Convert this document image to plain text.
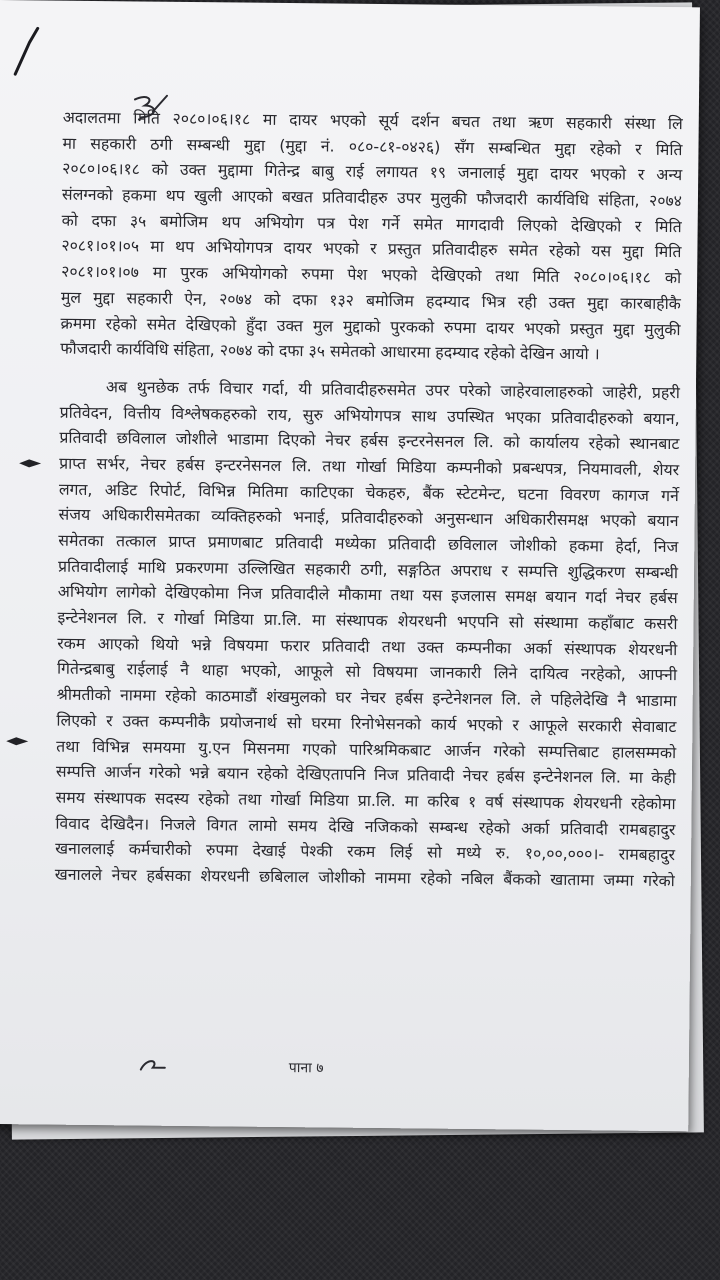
अदालतमा मिति २०८०।०६।१८ मा दायर भएको सूर्य दर्शन बचत तथा ऋण सहकारी संस्था लि
मा सहकारी ठगी सम्बन्धी मुद्दा (मुद्दा नं. ०८०-८१-०४२६) सँग सम्बन्धित मुद्दा रहेको र मिति
२०८०।०६।१८ को उक्त मुद्दामा गितेन्द्र बाबु राई लगायत १९ जनालाई मुद्दा दायर भएको र अन्य
संलग्नको हकमा थप खुली आएको बखत प्रतिवादीहरु उपर मुलुकी फौजदारी कार्यविधि संहिता, २०७४
को दफा ३५ बमोजिम थप अभियोग पत्र पेश गर्ने समेत मागदावी लिएको देखिएको र मिति
२०८१।०१।०५ मा थप अभियोगपत्र दायर भएको र प्रस्तुत प्रतिवादीहरु समेत रहेको यस मुद्दा मिति
२०८१।०१।०७ मा पुरक अभियोगको रुपमा पेश भएको देखिएको तथा मिति २०८०।०६।१८ को
मुल मुद्दा सहकारी ऐन, २०७४ को दफा १३२ बमोजिम हदम्याद भित्र रही उक्त मुद्दा कारबाहीकै
क्रममा रहेको समेत देखिएको हुँदा उक्त मुल मुद्दाको पुरकको रुपमा दायर भएको प्रस्तुत मुद्दा मुलुकी
फौजदारी कार्यविधि संहिता, २०७४ को दफा ३५ समेतको आधारमा हदम्याद रहेको देखिन आयो ।
अब थुनछेक तर्फ विचार गर्दा, यी प्रतिवादीहरुसमेत उपर परेको जाहेरवालाहरुको जाहेरी, प्रहरी
प्रतिवेदन, वित्तीय विश्लेषकहरुको राय, सुरु अभियोगपत्र साथ उपस्थित भएका प्रतिवादीहरुको बयान,
प्रतिवादी छविलाल जोशीले भाडामा दिएको नेचर हर्बस इन्टरनेसनल लि. को कार्यालय रहेको स्थानबाट
प्राप्त सर्भर, नेचर हर्बस इन्टरनेसनल लि. तथा गोर्खा मिडिया कम्पनीको प्रबन्धपत्र, नियमावली, शेयर
लगत, अडिट रिपोर्ट, विभिन्न मितिमा काटिएका चेकहरु, बैंक स्टेटमेन्ट, घटना विवरण कागज गर्ने
संजय अधिकारीसमेतका व्यक्तिहरुको भनाई, प्रतिवादीहरुको अनुसन्धान अधिकारीसमक्ष भएको बयान
समेतका तत्काल प्राप्त प्रमाणबाट प्रतिवादी मध्येका प्रतिवादी छविलाल जोशीको हकमा हेर्दा, निज
प्रतिवादीलाई माथि प्रकरणमा उल्लिखित सहकारी ठगी, सङ्गठित अपराध र सम्पत्ति शुद्धिकरण सम्बन्धी
अभियोग लागेको देखिएकोमा निज प्रतिवादीले मौकामा तथा यस इजलास समक्ष बयान गर्दा नेचर हर्बस
इन्टेनेशनल लि. र गोर्खा मिडिया प्रा.लि. मा संस्थापक शेयरधनी भएपनि सो संस्थामा कहाँबाट कसरी
रकम आएको थियो भन्ने विषयमा फरार प्रतिवादी तथा उक्त कम्पनीका अर्का संस्थापक शेयरधनी
गितेन्द्रबाबु राईलाई नै थाहा भएको, आफूले सो विषयमा जानकारी लिने दायित्व नरहेको, आफ्नी
श्रीमतीको नाममा रहेको काठमाडौं शंखमुलको घर नेचर हर्बस इन्टेनेशनल लि. ले पहिलेदेखि नै भाडामा
लिएको र उक्त कम्पनीकै प्रयोजनार्थ सो घरमा रिनोभेसनको कार्य भएको र आफूले सरकारी सेवाबाट
तथा विभिन्न समयमा यु.एन मिसनमा गएको पारिश्रमिकबाट आर्जन गरेको सम्पत्तिबाट हालसम्मको
सम्पत्ति आर्जन गरेको भन्ने बयान रहेको देखिएतापनि निज प्रतिवादी नेचर हर्बस इन्टेनेशनल लि. मा केही
समय संस्थापक सदस्य रहेको तथा गोर्खा मिडिया प्रा.लि. मा करिब १ वर्ष संस्थापक शेयरधनी रहेकोमा
विवाद देखिदैन। निजले विगत लामो समय देखि नजिकको सम्बन्ध रहेको अर्का प्रतिवादी रामबहादुर
खनाललाई कर्मचारीको रुपमा देखाई पेश्की रकम लिई सो मध्ये रु. १०,००,०००।- रामबहादुर
खनालले नेचर हर्बसका शेयरधनी छबिलाल जोशीको नाममा रहेको नबिल बैंकको खातामा जम्मा गरेको
पाना ७
